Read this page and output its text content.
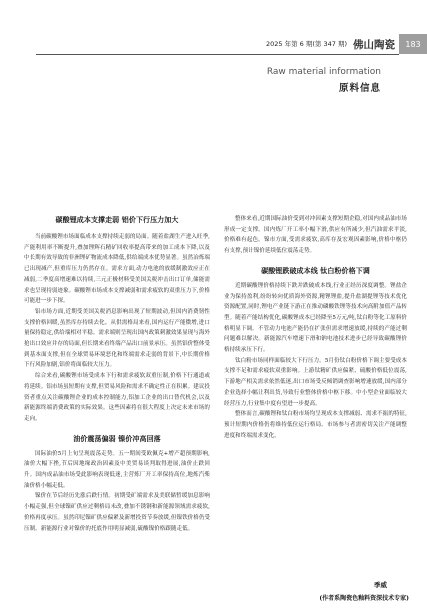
2025 年第 6 期(第 347 期) 佛山陶瓷	183
Raw material information
原料信息
碳酸锂成本支撑走弱 铝价下行压力加大

当前碳酸锂市场面临成本支撑持续走弱的局面。随着盐湖生产进入旺季,产能利用率不断提升,叠加锂辉石精矿回收率提高带来的加工成本下降,以及中长期有效导致的非洲锂矿物流成本降低,供给端成本优势显著。虽然冶炼端已出现减产,但重库压力仍然存在。需求方面,动力电池的放缓制激效应正在减弱,二季度高增速难以持续,三元正极材料受美国关税冲击出口订单,储能需求也呈现持弱迹象。碳酸锂市场成本支撑减弱和需求疲软的双重压力下,价格可能进一步下探。

铝市场方面,近期受美国关税消息影响出现了短期波动,但国内消费韧性支撑价格回暖,虽然库存持续去化。从供需格局来看,国内运行产能微增,进口量保持稳定,供给端相对平稳。需求端则呈现出国内政策刺激效果显现与海外抢出口效应并存的局面,但长期来看终端产品出口前景承压。虽然铝价整体受到基本面支撑,但在全球贸易环境恶化和终端需求走弱的背景下,中长期价格下行风险加剧,铝价将面临较大压力。

综合来看,碳酸锂市场受成本下行和需求疲软双重压制,价格下行通道或将延续。铝市场虽短期有支撑,但贸易风险和需求不确定性正在积累。建议投资者重点关注碳酸锂企业的成本控制能力,铝加工企业的出口替代机会,以及新能源终端消费政策的实际效果。这些因素将在很大程度上决定未来市场的走向。

油价震荡偏弱 镍价冲高回落

国际油价5月上旬呈现震荡走势。五一期间受欧佩克+增产超预期影响,油价大幅下挫,节后因地缘政治因素及中美贸易谈判取得进展,油价止跌回升。国内成品油市场受此影响表现低迷,主营炼厂开工率保持高位,地炼汽柴油价格小幅走低。

镍价在节后经历先涨后跌行情。初期受矿端需求及美联储暂缓加息影响小幅走强,但全球镍矿供应过剩格局未改,叠加不锈钢和新能源领域需求疲软,价格再度承压。虽然印尼镍矿供应偏紧及新增投资节奏放缓,但镍铁价格仍受压制。新能源行业对镍价的托底作用明显减弱,硫酸镍价格跟随走低。

整体来看,近期国际油价受到对冲因素支撑短期企稳,对国内成品油市场形成一定支撑。国内炼厂开工率小幅下滑,供应有所减少,但汽油需求平淡,价格难有起色。镍市方面,受需求疲软,高库存及宏观因素影响,价格中枢仍有支撑,预计镍价延续低位震荡走势。

碳酸锂跌破成本线 钛白粉价格下调

近期碳酸锂价格持续下跌并跌破成本线,行业正经历深度调整。锂盐企业为保持盈利,纷纷转向优质海外资源,精锂锂盐,提升盐湖提锂等技术优化资源配置,同时,锂电产业链下游正在推动磷酸铁锂等技术向高附加值产品转型。随着产能结构优化,碳酸锂成本已经降至5万元/吨,钛白粉等化工原料价格明显下调。不管动力电池产能仍在扩张但需求增速放缓,持续的产能过剩问题难以解决。新能源汽车增速下滑和钠电池技术进步已经导致碳酸锂价格持续承压下行。

钛白粉市场同样面临较大下行压力。5月份钛白粉价格下调主要受成本支撑不足和需求疲软双重影响。上游钛精矿供应偏紧、硫酸价格低位震荡,下游地产相关需求依然低迷,出口市场受反倾销调查影响增速放缓,国内部分企业选择小幅让利出货,导致行业整体价格中枢下移。中小型企业面临较大经营压力,行业集中度有望进一步提高。

整体而言,碳酸锂和钛白粉市场均呈现成本支撑减弱、需求不振的特征,预计短期内价格仍将维持低位运行格局。市场参与者需密切关注产能调整进度和终端需求变化。

季威
(作者系陶瓷色釉料资深技术专家)
